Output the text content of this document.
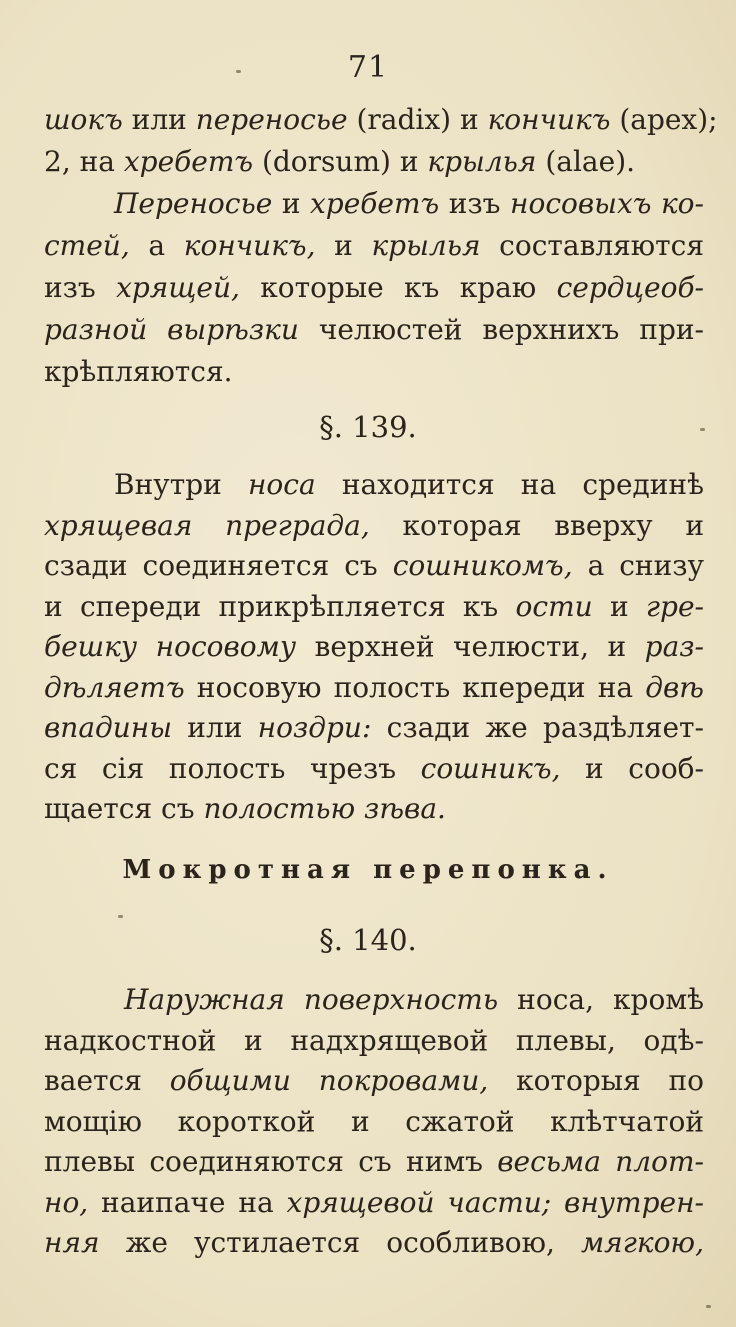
71
шокъ или переносье (radix) и кончикъ (apex);
2, на хребетъ (dorsum) и крылья (alae).
Переносье и хребетъ изъ носовыхъ ко-
стей, а кончикъ, и крылья составляются
изъ хрящей, которые къ краю сердцеоб-
разной вырѣзки челюстей верхнихъ при-
крѣпляются.
§. 139.
Внутри носа находится на срединѣ
хрящевая преграда, которая вверху и
сзади соединяется съ сошникомъ, а снизу
и спереди прикрѣпляется къ ости и гре-
бешку носовому верхней челюсти, и раз-
дѣляетъ носовую полость кпереди на двѣ
впадины или ноздри: сзади же раздѣляет-
ся сія полость чрезъ сошникъ, и сооб-
щается съ полостью зѣва.
Мокротная перепонка.
§. 140.
Наружная поверхность носа, кромѣ
надкостной и надхрящевой плевы, одѣ-
вается общими покровами, которыя по
мощію короткой и сжатой клѣтчатой
плевы соединяются съ нимъ весьма плот-
но, наипаче на хрящевой части; внутрен-
няя же устилается особливою, мягкою,
